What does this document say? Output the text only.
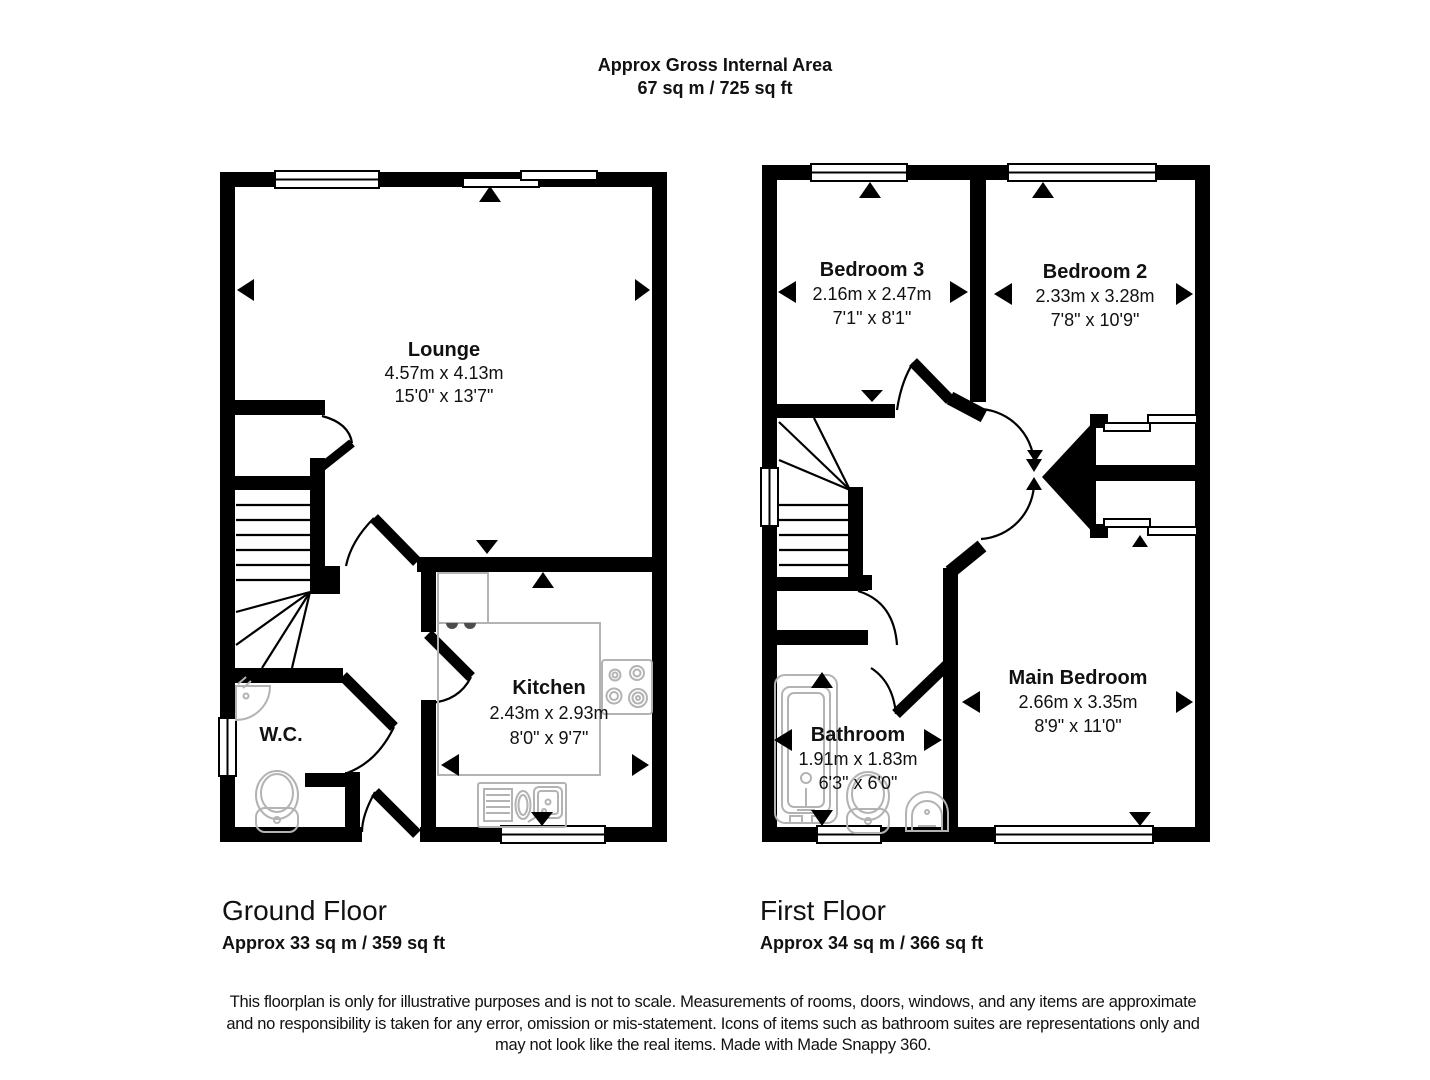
Approx Gross Internal Area
67 sq m / 725 sq ft
Lounge
4.57m x 4.13m
15'0" x 13'7"
Kitchen
2.43m x 2.93m
8'0" x 9'7"
W.C.
Bedroom 3
2.16m x 2.47m
7'1" x 8'1"
Bedroom 2
2.33m x 3.28m
7'8" x 10'9"
Bathroom
1.91m x 1.83m
6'3" x 6'0"
Main Bedroom
2.66m x 3.35m
8'9" x 11'0"
Ground Floor
Approx 33 sq m / 359 sq ft
First Floor
Approx 34 sq m / 366 sq ft
This floorplan is only for illustrative purposes and is not to scale. Measurements of rooms, doors, windows, and any items are approximate
and no responsibility is taken for any error, omission or mis-statement. Icons of items such as bathroom suites are representations only and
may not look like the real items. Made with Made Snappy 360.
